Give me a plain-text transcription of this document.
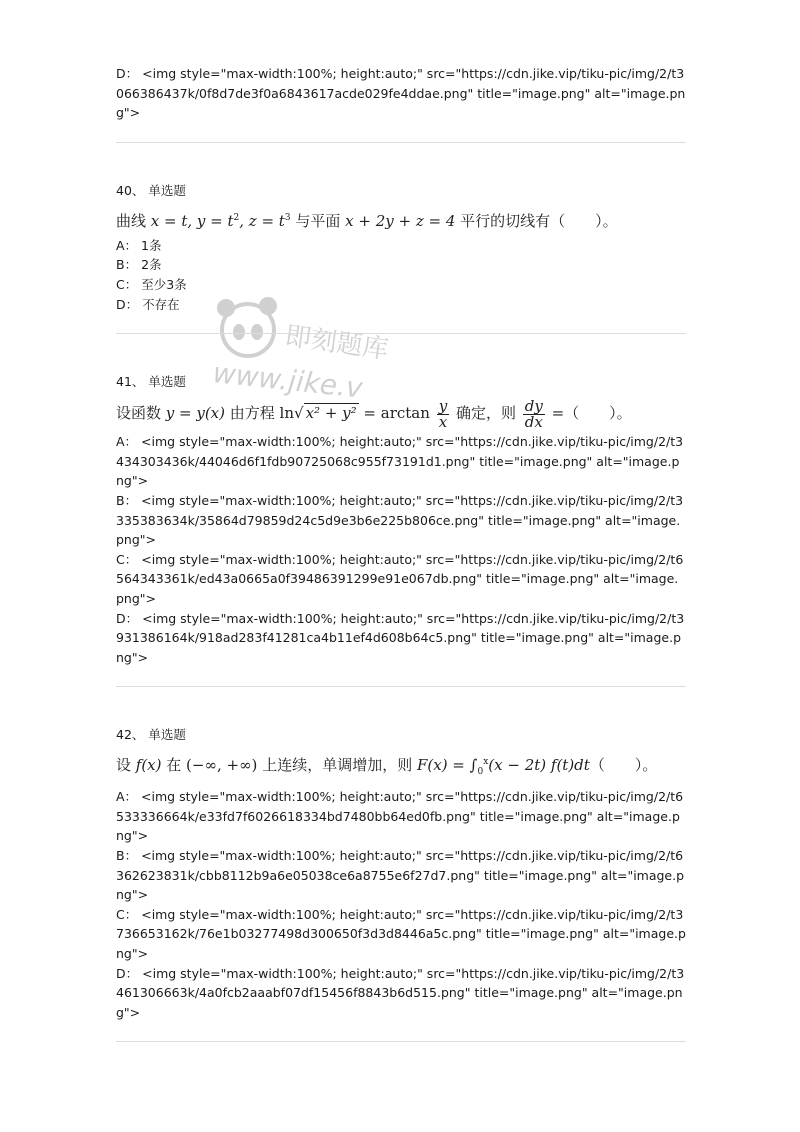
即刻题库
www.jike.v
D： <img style="max-width:100%; height:auto;" src="https://cdn.jike.vip/tiku-pic/img/2/t3066386437k/0f8d7de3f0a6843617acde029fe4ddae.png" title="image.png" alt="image.png">
40、 单选题
曲线 x = t, $y = t^2$, $z = t^3$ 与平面 x + 2y + z = 4 平行的切线有（　　）。
A： 1条
B： 2条
C： 至少3条
D： 不存在
41、 单选题
设函数 y = y(x) 由方程 ln√ $x^2 + y^2 = \arctan \frac{y}{x}$ 确定，则 $\frac{dy}{dx}$ =（　　）。
A： <img style="max-width:100%; height:auto;" src="https://cdn.jike.vip/tiku-pic/img/2/t3434303436k/44046d6f1fdb90725068c955f73191d1.png" title="image.png" alt="image.png">
B： <img style="max-width:100%; height:auto;" src="https://cdn.jike.vip/tiku-pic/img/2/t3335383634k/35864d79859d24c5d9e3b6e225b806ce.png" title="image.png" alt="image.png">
C： <img style="max-width:100%; height:auto;" src="https://cdn.jike.vip/tiku-pic/img/2/t6564343361k/ed43a0665a0f39486391299e91e067db.png" title="image.png" alt="image.png">
D： <img style="max-width:100%; height:auto;" src="https://cdn.jike.vip/tiku-pic/img/2/t3931386164k/918ad283f41281ca4b11ef4d608b64c5.png" title="image.png" alt="image.png">
42、 单选题
设 f(x) 在 (−∞, +∞) 上连续，单调增加，则 $F(x) = \int_0^x(x - 2t)$ f(t)dt（　　）。
A： <img style="max-width:100%; height:auto;" src="https://cdn.jike.vip/tiku-pic/img/2/t6533336664k/e33fd7f6026618334bd7480bb64ed0fb.png" title="image.png" alt="image.png">
B： <img style="max-width:100%; height:auto;" src="https://cdn.jike.vip/tiku-pic/img/2/t6362623831k/cbb8112b9a6e05038ce6a8755e6f27d7.png" title="image.png" alt="image.png">
C： <img style="max-width:100%; height:auto;" src="https://cdn.jike.vip/tiku-pic/img/2/t3736653162k/76e1b03277498d300650f3d3d8446a5c.png" title="image.png" alt="image.png">
D： <img style="max-width:100%; height:auto;" src="https://cdn.jike.vip/tiku-pic/img/2/t3461306663k/4a0fcb2aaabf07df15456f8843b6d515.png" title="image.png" alt="image.png">
